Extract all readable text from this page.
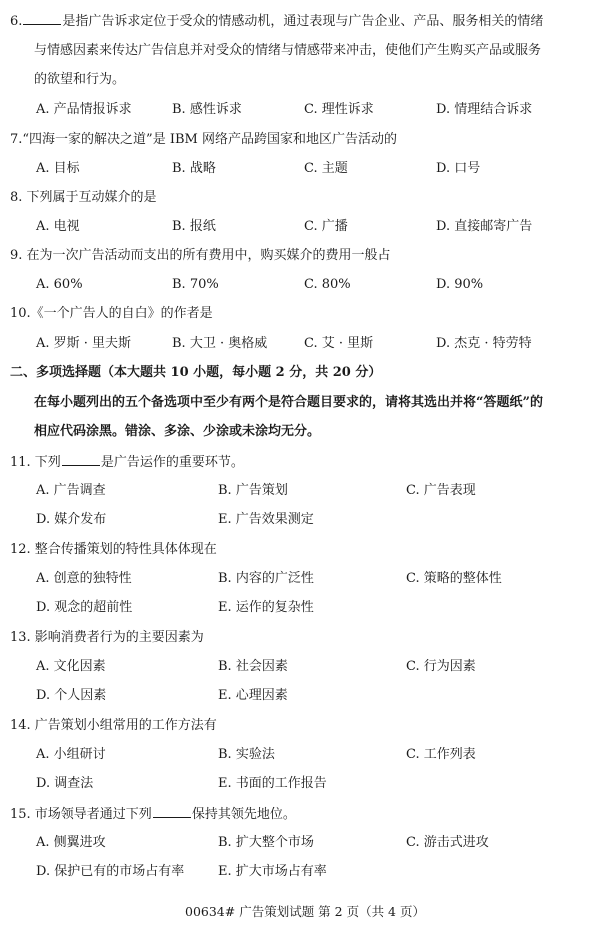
6.	是指广告诉求定位于受众的情感动机，通过表现与广告企业、产品、服务相关的情绪
与情感因素来传达广告信息并对受众的情绪与情感带来冲击，使他们产生购买产品或服务
的欲望和行为。
A. 产品情报诉求	B. 感性诉求	C. 理性诉求	D. 情理结合诉求
7.“四海一家的解决之道”是 IBM 网络产品跨国家和地区广告活动的
A. 目标	B. 战略	C. 主题	D. 口号
8. 下列属于互动媒介的是
A. 电视	B. 报纸	C. 广播	D. 直接邮寄广告
9. 在为一次广告活动而支出的所有费用中，购买媒介的费用一般占
A. 60%	B. 70%	C. 80%	D. 90%
10.《一个广告人的自白》的作者是
A. 罗斯 · 里夫斯	B. 大卫 · 奥格威	C. 艾 · 里斯	D. 杰克 · 特劳特
二、多项选择题（本大题共 10 小题，每小题 2 分，共 20 分）
在每小题列出的五个备选项中至少有两个是符合题目要求的，请将其选出并将“答题纸”的
相应代码涂黑。错涂、多涂、少涂或未涂均无分。
11. 下列	是广告运作的重要环节。
A. 广告调查	B. 广告策划	C. 广告表现
D. 媒介发布	E. 广告效果测定
12. 整合传播策划的特性具体体现在
A. 创意的独特性	B. 内容的广泛性	C. 策略的整体性
D. 观念的超前性	E. 运作的复杂性
13. 影响消费者行为的主要因素为
A. 文化因素	B. 社会因素	C. 行为因素
D. 个人因素	E. 心理因素
14. 广告策划小组常用的工作方法有
A. 小组研讨	B. 实验法	C. 工作列表
D. 调查法	E. 书面的工作报告
15. 市场领导者通过下列	保持其领先地位。
A. 侧翼进攻	B. 扩大整个市场	C. 游击式进攻
D. 保护已有的市场占有率	E. 扩大市场占有率
00634# 广告策划试题 第 2 页（共 4 页）
